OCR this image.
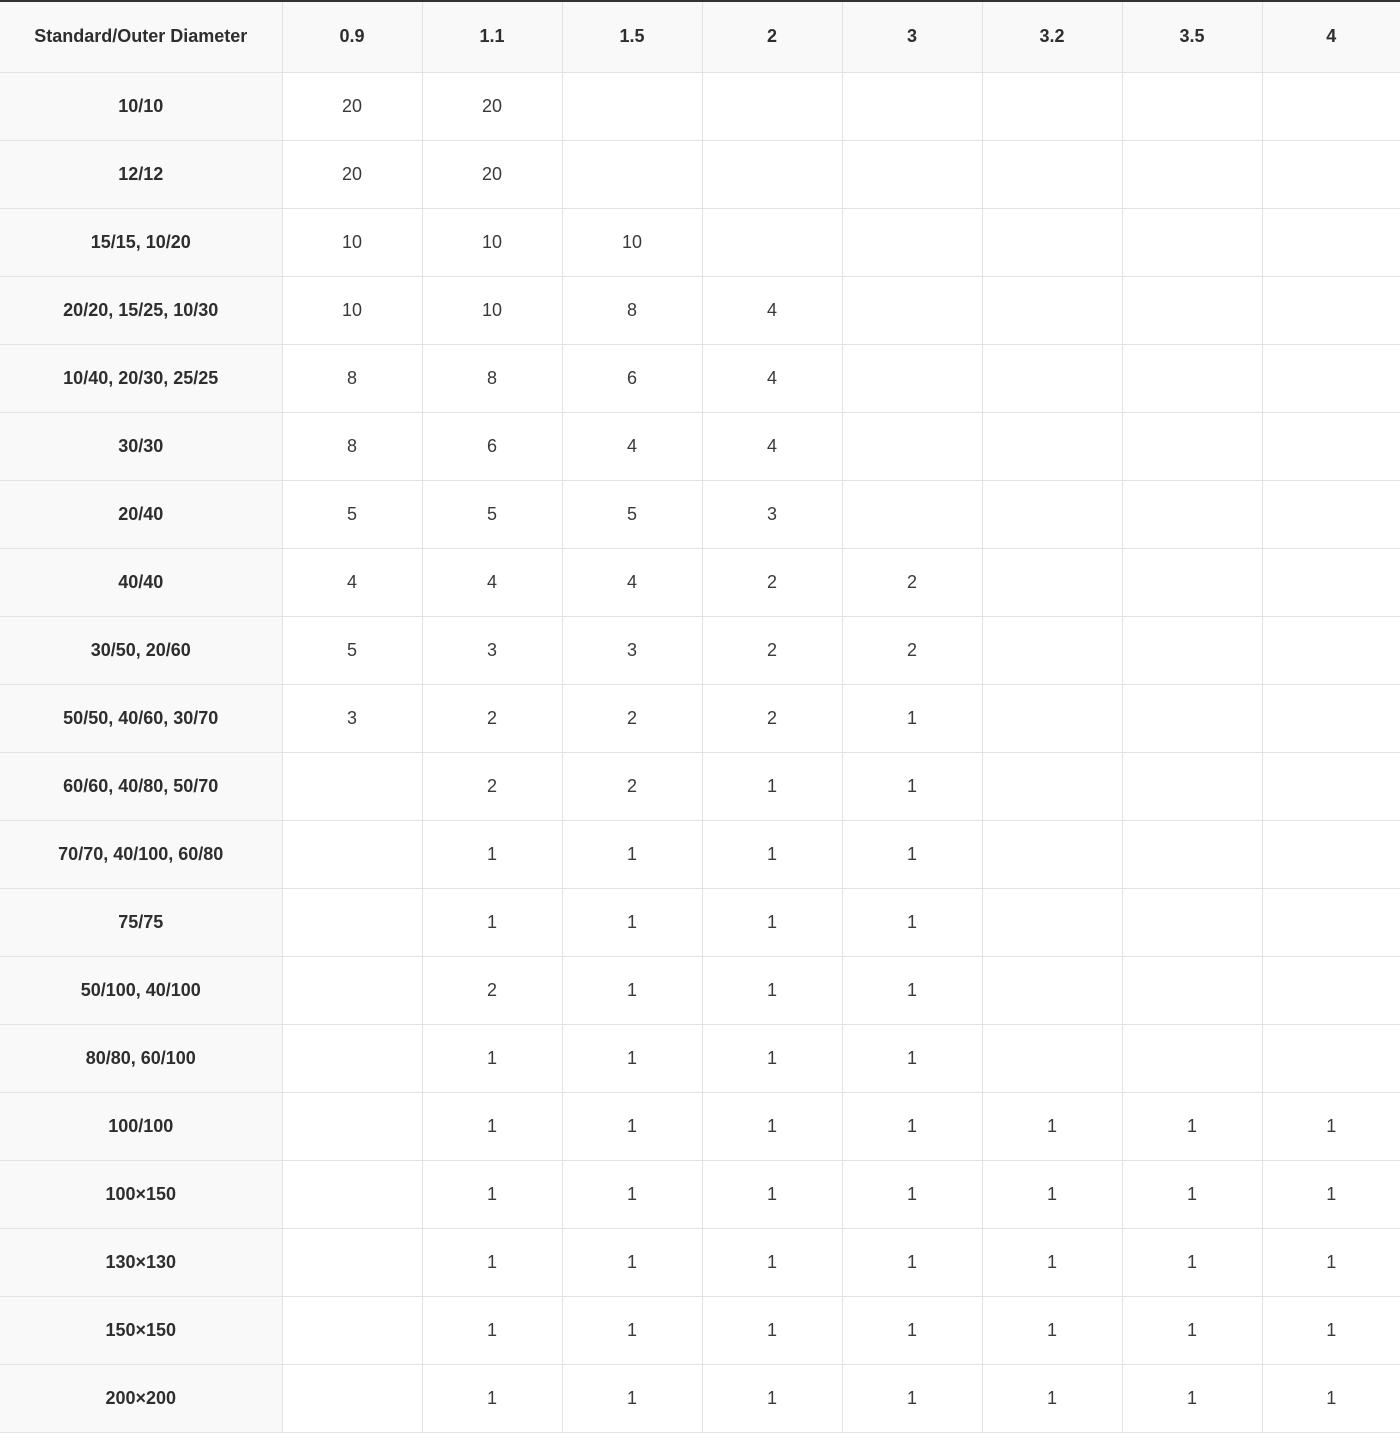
Standard/Outer Diameter	0.9	1.1	1.5	2	3	3.2	3.5	4
10/10	20	20						
12/12	20	20						
15/15, 10/20	10	10	10					
20/20, 15/25, 10/30	10	10	8	4				
10/40, 20/30, 25/25	8	8	6	4				
30/30	8	6	4	4				
20/40	5	5	5	3				
40/40	4	4	4	2	2			
30/50, 20/60	5	3	3	2	2			
50/50, 40/60, 30/70	3	2	2	2	1			
60/60, 40/80, 50/70		2	2	1	1			
70/70, 40/100, 60/80		1	1	1	1			
75/75		1	1	1	1			
50/100, 40/100		2	1	1	1			
80/80, 60/100		1	1	1	1			
100/100		1	1	1	1	1	1	1
100×150		1	1	1	1	1	1	1
130×130		1	1	1	1	1	1	1
150×150		1	1	1	1	1	1	1
200×200		1	1	1	1	1	1	1
